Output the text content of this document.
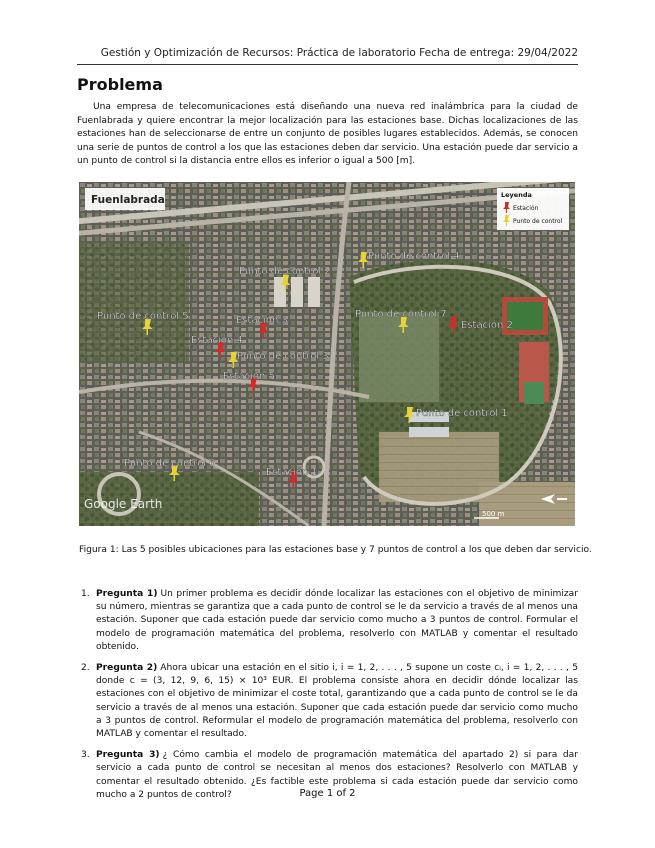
Gestión y Optimización de Recursos: Práctica de laboratorio Fecha de entrega: 29/04/2022
Problema

Una empresa de telecomunicaciones está diseñando una nueva red inalámbrica para la ciudad de Fuenlabrada y quiere encontrar la mejor localización para las estaciones base. Dichas localizaciones de las estaciones han de seleccionarse de entre un conjunto de posibles lugares establecidos. Además, se conocen una serie de puntos de control a los que las estaciones deben dar servicio. Una estación puede dar servicio a un punto de control si la distancia entre ellos es inferior o igual a 500 [m].

Fuenlabrada	Leyenda
Estación
Punto de control
Estación 1
Estación 2
Estación 3
Estación 4
Estación 5
Punto de control 1
Punto de control 2
Punto de control 3
Punto de control 4
Punto de control 5
Punto de control 6
Punto de control 7
Google Earth
500 m
Figura 1: Las 5 posibles ubicaciones para las estaciones base y 7 puntos de control a los que deben dar servicio.
1. Pregunta 1) Un primer problema es decidir dónde localizar las estaciones con el objetivo de minimizar su número, mientras se garantiza que a cada punto de control se le da servicio a través de al menos una estación. Suponer que cada estación puede dar servicio como mucho a 3 puntos de control. Formular el modelo de programación matemática del problema, resolverlo con MATLAB y comentar el resultado obtenido.
2. Pregunta 2) Ahora ubicar una estación en el sitio i, i = 1, 2, . . . , 5 supone un coste cᵢ, i = 1, 2, . . . , 5 donde c = (3, 12, 9, 6, 15) × 10³ EUR. El problema consiste ahora en decidir dónde localizar las estaciones con el objetivo de minimizar el coste total, garantizando que a cada punto de control se le da servicio a través de al menos una estación. Suponer que cada estación puede dar servicio como mucho a 3 puntos de control. Reformular el modelo de programación matemática del problema, resolverlo con MATLAB y comentar el resultado.
3. Pregunta 3) ¿ Cómo cambia el modelo de programación matemática del apartado 2) si para dar servicio a cada punto de control se necesitan al menos dos estaciones? Resolverlo con MATLAB y comentar el resultado obtenido. ¿Es factible este problema si cada estación puede dar servicio como mucho a 2 puntos de control?	Page 1 of 2
